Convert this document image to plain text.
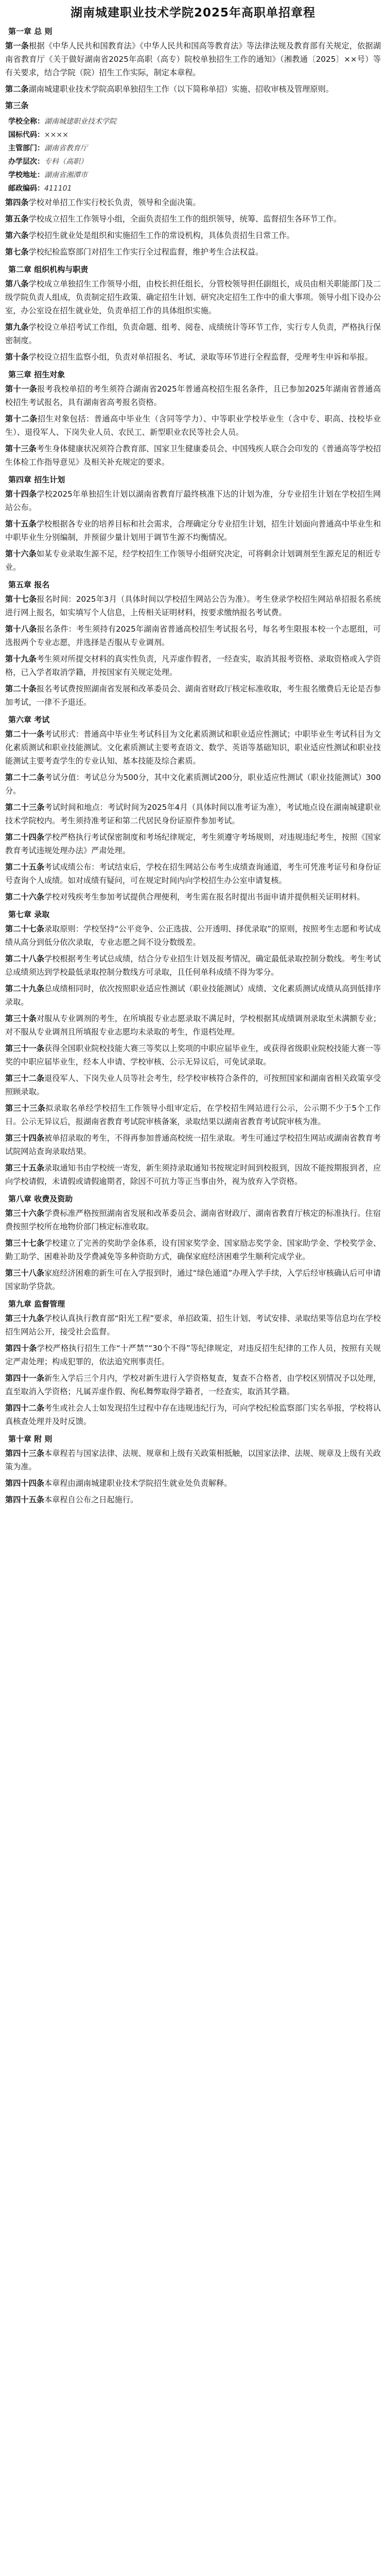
湖南城建职业技术学院2025年高职单招章程
第一章 总 则
第一条根据《中华人民共和国教育法》《中华人民共和国高等教育法》等法律法规及教育部有关规定，依据湖南省教育厅《关于做好湖南省2025年高职（高专）院校单独招生工作的通知》（湘教通〔2025〕××号）等有关要求，结合学院（院）招生工作实际，制定本章程。
第二条湖南城建职业技术学院高职单独招生工作（以下简称单招）实施、招收审核及管理原则。
第三条
学校全称：湖南城建职业技术学院
国标代码：××××
主管部门：湖南省教育厅
办学层次：专科（高职）
学校地址：湖南省湘潭市
邮政编码：411101
第四条学校对单招工作实行校长负责，领导和全面决策。
第五条学校成立招生工作领导小组，全面负责招生工作的组织领导，统筹、监督招生各环节工作。
第六条学校招生就业处是组织和实施招生工作的常设机构，具体负责招生日常工作。
第七条学校纪检监察部门对招生工作实行全过程监督，维护考生合法权益。
第二章 组织机构与职责
第八条学校成立单独招生工作领导小组，由校长担任组长，分管校领导担任副组长，成员由相关职能部门及二级学院负责人组成，负责制定招生政策、确定招生计划、研究决定招生工作中的重大事项。领导小组下设办公室，办公室设在招生就业处，负责单招工作的具体组织实施。
第九条学校设立单招考试工作组，负责命题、组考、阅卷、成绩统计等环节工作，实行专人负责，严格执行保密制度。
第十条学校设立招生监察小组，负责对单招报名、考试、录取等环节进行全程监督，受理考生申诉和举报。
第三章 招生对象
第十一条报考我校单招的考生须符合湖南省2025年普通高校招生报名条件，且已参加2025年湖南省普通高校招生考试报名，具有湖南省高考报名资格。
第十二条招生对象包括：普通高中毕业生（含同等学力）、中等职业学校毕业生（含中专、职高、技校毕业生）、退役军人、下岗失业人员、农民工、新型职业农民等社会人员。
第十三条考生身体健康状况须符合教育部、国家卫生健康委员会、中国残疾人联合会印发的《普通高等学校招生体检工作指导意见》及相关补充规定的要求。
第四章 招生计划
第十四条学校2025年单独招生计划以湖南省教育厅最终核准下达的计划为准，分专业招生计划在学校招生网站公布。
第十五条学校根据各专业的培养目标和社会需求，合理确定分专业招生计划，招生计划面向普通高中毕业生和中职毕业生分别编制，并预留少量计划用于调节生源不均衡情况。
第十六条如某专业录取生源不足，经学校招生工作领导小组研究决定，可将剩余计划调剂至生源充足的相近专业。
第五章 报名
第十七条报名时间：2025年3月（具体时间以学校招生网站公告为准）。考生登录学校招生网站单招报名系统进行网上报名，如实填写个人信息，上传相关证明材料，按要求缴纳报名考试费。
第十八条报名条件：考生须持有2025年湖南省普通高校招生考试报名号，每名考生限报本校一个志愿组，可选报两个专业志愿，并选择是否服从专业调剂。
第十九条考生须对所提交材料的真实性负责，凡弄虚作假者，一经查实，取消其报考资格、录取资格或入学资格，已入学者取消学籍，并按国家有关规定处理。
第二十条报名考试费按照湖南省发展和改革委员会、湖南省财政厅核定标准收取，考生报名缴费后无论是否参加考试，一律不予退还。
第六章 考试
第二十一条考试形式：普通高中毕业生考试科目为文化素质测试和职业适应性测试；中职毕业生考试科目为文化素质测试和职业技能测试。文化素质测试主要考查语文、数学、英语等基础知识，职业适应性测试和职业技能测试主要考查学生的专业认知、基本技能及综合素质。
第二十二条考试分值：考试总分为500分，其中文化素质测试200分，职业适应性测试（职业技能测试）300分。
第二十三条考试时间和地点：考试时间为2025年4月（具体时间以准考证为准），考试地点设在湖南城建职业技术学院校内。考生须持准考证和第二代居民身份证原件参加考试。
第二十四条学校严格执行考试保密制度和考场纪律规定，考生须遵守考场规则，对违规违纪考生，按照《国家教育考试违规处理办法》严肃处理。
第二十五条考试成绩公布：考试结束后，学校在招生网站公布考生成绩查询通道，考生可凭准考证号和身份证号查询个人成绩。如对成绩有疑问，可在规定时间内向学校招生办公室申请复核。
第二十六条学校对残疾考生参加考试提供合理便利，考生需在报名时提出书面申请并提供相关证明材料。
第七章 录取
第二十七条录取原则：学校坚持“公平竞争、公正选拔、公开透明、择优录取”的原则，按照考生志愿和考试成绩从高分到低分依次录取，专业志愿之间不设分数级差。
第二十八条学校根据考生考试总成绩，结合分专业招生计划及报考情况，确定最低录取控制分数线。考生考试总成绩须达到学校最低录取控制分数线方可录取，且任何单科成绩不得为零分。
第二十九条总成绩相同时，依次按照职业适应性测试（职业技能测试）成绩、文化素质测试成绩从高到低排序录取。
第三十条对服从专业调剂的考生，在所填报专业志愿录取不满足时，学校根据其成绩调剂录取至未满额专业；对不服从专业调剂且所填报专业志愿均未录取的考生，作退档处理。
第三十一条获得全国职业院校技能大赛三等奖以上奖项的中职应届毕业生，或获得省级职业院校技能大赛一等奖的中职应届毕业生，经本人申请、学校审核、公示无异议后，可免试录取。
第三十二条退役军人、下岗失业人员等社会考生，经学校审核符合条件的，可按照国家和湖南省相关政策享受照顾录取。
第三十三条拟录取名单经学校招生工作领导小组审定后，在学校招生网站进行公示，公示期不少于5个工作日。公示无异议后，报湖南省教育考试院审核备案，录取结果以湖南省教育考试院审核为准。
第三十四条被单招录取的考生，不得再参加普通高校统一招生录取。考生可通过学校招生网站或湖南省教育考试院网站查询录取结果。
第三十五条录取通知书由学校统一寄发，新生须持录取通知书按规定时间到校报到，因故不能按期报到者，应向学校请假，未请假或请假逾期者，除因不可抗力等正当事由外，视为放弃入学资格。
第八章 收费及资助
第三十六条学费标准严格按照湖南省发展和改革委员会、湖南省财政厅、湖南省教育厅核定的标准执行。住宿费按照学校所在地物价部门核定标准收取。
第三十七条学校建立了完善的奖助学金体系，设有国家奖学金、国家励志奖学金、国家助学金、学校奖学金、勤工助学、困难补助及学费减免等多种资助方式，确保家庭经济困难学生顺利完成学业。
第三十八条家庭经济困难的新生可在入学报到时，通过“绿色通道”办理入学手续，入学后经审核确认后可申请国家助学贷款。
第九章 监督管理
第三十九条学校认真执行教育部“阳光工程”要求，单招政策、招生计划、考试安排、录取结果等信息均在学校招生网站公开，接受社会监督。
第四十条学校严格执行招生工作“十严禁”“30个不得”等纪律规定，对违反招生纪律的工作人员，按照有关规定严肃处理；构成犯罪的，依法追究刑事责任。
第四十一条新生入学后三个月内，学校对新生进行入学资格复查，复查不合格者，由学校区别情况予以处理，直至取消入学资格；凡属弄虚作假、徇私舞弊取得学籍者，一经查实，取消其学籍。
第四十二条考生或社会人士如发现招生过程中存在违规违纪行为，可向学校纪检监察部门实名举报，学校将认真核查处理并及时反馈。
第十章 附 则
第四十三条本章程若与国家法律、法规、规章和上级有关政策相抵触，以国家法律、法规、规章及上级有关政策为准。
第四十四条本章程由湖南城建职业技术学院招生就业处负责解释。
第四十五条本章程自公布之日起施行。
